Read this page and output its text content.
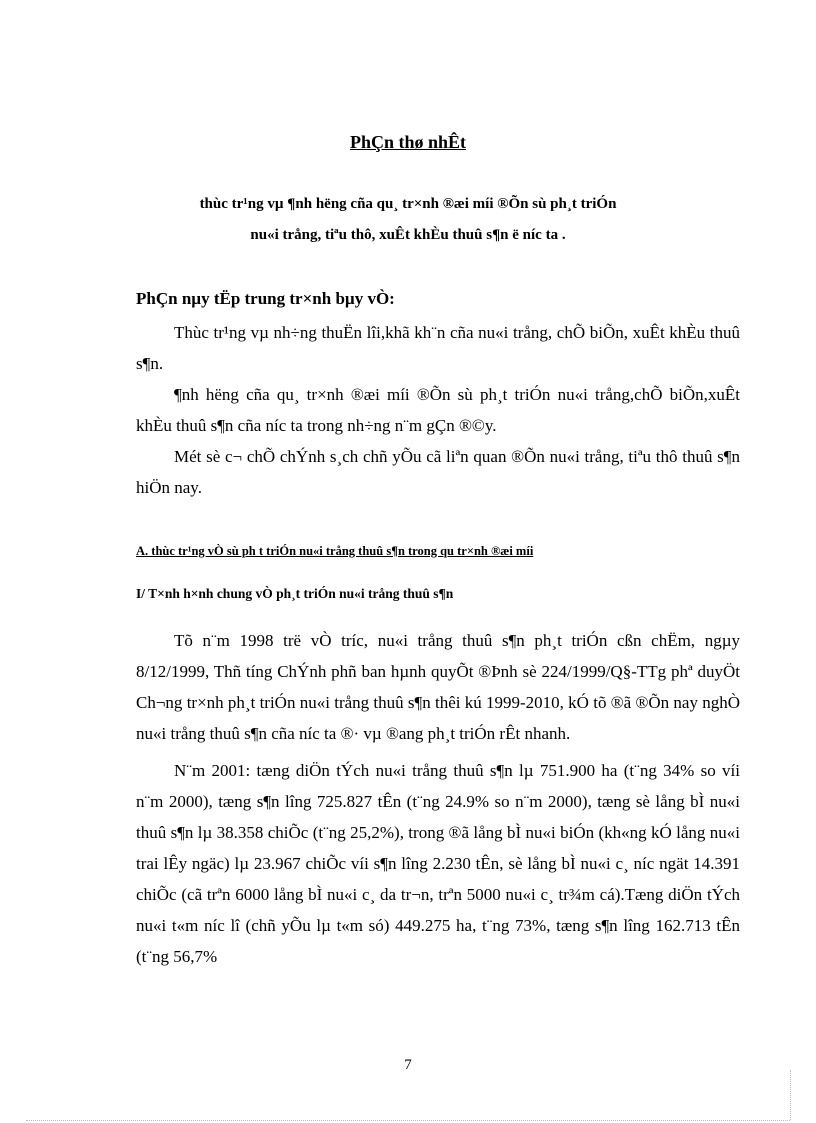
PhÇn thø nhÊt
thùc tr¹ng vµ ¶nh hëng cña qu¸ tr×nh ®æi míi ®Õn sù ph¸t triÓn
nu«i trång, tiªu thô, xuÊt khÈu thuû s¶n ë níc ta .
PhÇn nµy tËp trung tr×nh bµy vÒ:

Thùc tr¹ng vµ nh÷ng thuËn lîi,khã kh¨n cña nu«i trång, chÕ biÕn, xuÊt khÈu thuû s¶n.

¶nh hëng cña qu¸ tr×nh ®æi míi ®Õn sù ph¸t triÓn nu«i trång,chÕ biÕn,xuÊt khÈu thuû s¶n cña níc ta trong nh÷ng n¨m gÇn ®©y.

Mét sè c¬ chÕ chÝnh s¸ch chñ yÕu cã liªn quan ®Õn nu«i trång, tiªu thô thuû s¶n hiÖn nay.

A. thùc tr¹ng vÒ sù ph t triÓn nu«i trång thuû s¶n trong qu tr×nh ®æi míi
I/ T×nh h×nh chung vÒ ph¸t triÓn nu«i trång thuû s¶n

Tõ n¨m 1998 trë vÒ tríc, nu«i trång thuû s¶n ph¸t triÓn cßn chËm, ngµy 8/12/1999, Thñ tíng ChÝnh phñ ban hµnh quyÕt ®Þnh sè 224/1999/Q§-TTg phª duyÖt Ch¬ng tr×nh ph¸t triÓn nu«i trång thuû s¶n thêi kú 1999-2010, kÓ tõ ®ã ®Õn nay nghÒ nu«i trång thuû s¶n cña níc ta ®· vµ ®ang ph¸t triÓn rÊt nhanh.

N¨m 2001: tæng diÖn tÝch nu«i trång thuû s¶n lµ 751.900 ha (t¨ng 34% so víi n¨m 2000), tæng s¶n lîng 725.827 tÊn (t¨ng 24.9% so n¨m 2000), tæng sè lång bÌ nu«i thuû s¶n lµ 38.358 chiÕc (t¨ng 25,2%), trong ®ã lång bÌ nu«i biÓn (kh«ng kÓ lång nu«i trai lÊy ngäc) lµ 23.967 chiÕc víi s¶n lîng 2.230 tÊn, sè lång bÌ nu«i c¸ níc ngät 14.391 chiÕc (cã trªn 6000 lång bÌ nu«i c¸ da tr¬n, trªn 5000 nu«i c¸ tr¾m cá).Tæng diÖn tÝch nu«i t«m níc lî (chñ yÕu lµ t«m só) 449.275 ha, t¨ng 73%, tæng s¶n lîng 162.713 tÊn (t¨ng 56,7%

7
